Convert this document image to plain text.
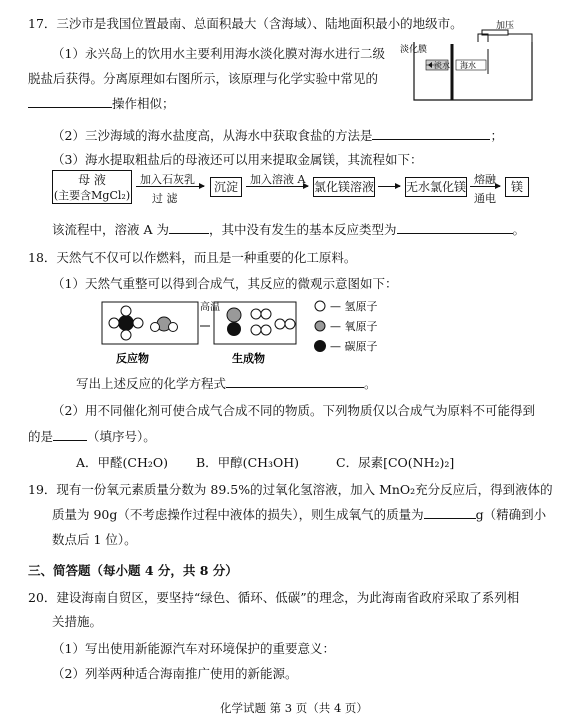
17．三沙市是我国位置最南、总面积最大（含海域）、陆地面积最小的地级市。
（1）永兴岛上的饮用水主要利用海水淡化膜对海水进行二级
脱盐后获得。分离原理如右图所示，该原理与化学实验中常见的
操作相似；
淡化膜
淡水 海水
加压
（2）三沙海域的海水盐度高，从海水中获取食盐的方法是	；
（3）海水提取粗盐后的母液还可以用来提取金属镁，其流程如下：
母 液
(主要含MgCl₂)
加入石灰乳
过 滤
沉淀
加入溶液 A
氯化镁溶液	无水氯化镁
熔融
通电
镁
该流程中，溶液 A 为	，其中没有发生的基本反应类型为	。
18．天然气不仅可以作燃料，而且是一种重要的化工原料。
（1）天然气重整可以得到合成气，其反应的微观示意图如下：
— 氢原子
— 氧原子
— 碳原子
反应物	生成物
高温
写出上述反应的化学方程式	。
（2）用不同催化剂可使合成气合成不同的物质。下列物质仅以合成气为原料不可能得到
的是	（填序号）。
A．甲醛(CH₂O) B．甲醇(CH₃OH)	C．尿素[CO(NH₂)₂]
19．现有一份氧元素质量分数为 89.5%的过氧化氢溶液，加入 MnO₂充分反应后，得到液体的
质量为 90g（不考虑操作过程中液体的损失），则生成氧气的质量为	g（精确到小
数点后 1 位）。
三、简答题（每小题 4 分，共 8 分）
20．建设海南自贸区，要坚持“绿色、循环、低碳”的理念，为此海南省政府采取了系列相
关措施。
（1）写出使用新能源汽车对环境保护的重要意义：
（2）列举两种适合海南推广使用的新能源。
化学试题 第 3 页（共 4 页）
